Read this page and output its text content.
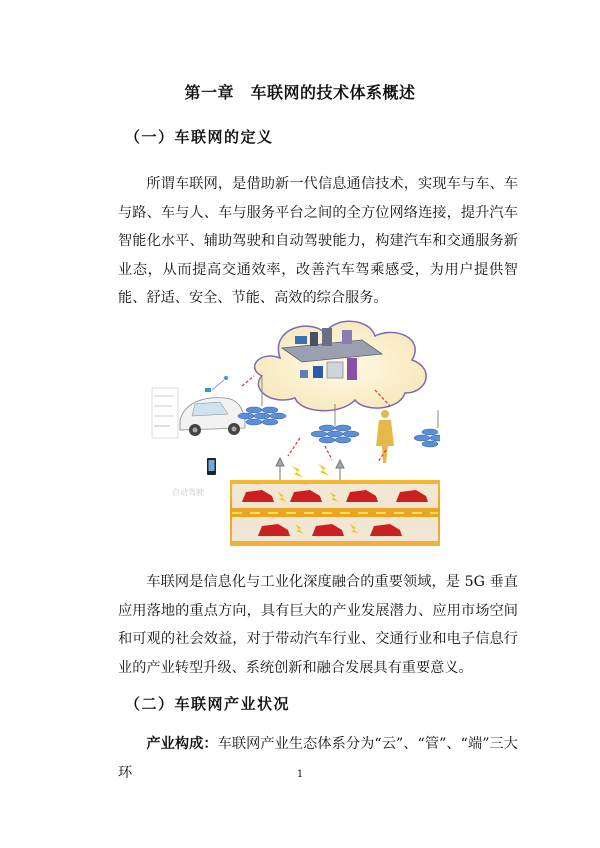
第一章　车联网的技术体系概述
（一）车联网的定义

所谓车联网，是借助新一代信息通信技术，实现车与车、车与路、车与人、车与服务平台之间的全方位网络连接，提升汽车智能化水平、辅助驾驶和自动驾驶能力，构建汽车和交通服务新业态，从而提高交通效率，改善汽车驾乘感受，为用户提供智能、舒适、安全、节能、高效的综合服务。

自动驾驶

车联网是信息化与工业化深度融合的重要领域，是 5G 垂直应用落地的重点方向，具有巨大的产业发展潜力、应用市场空间和可观的社会效益，对于带动汽车行业、交通行业和电子信息行业的产业转型升级、系统创新和融合发展具有重要意义。

（二）车联网产业状况

产业构成：车联网产业生态体系分为“云”、“管”、“端”三大环	1
